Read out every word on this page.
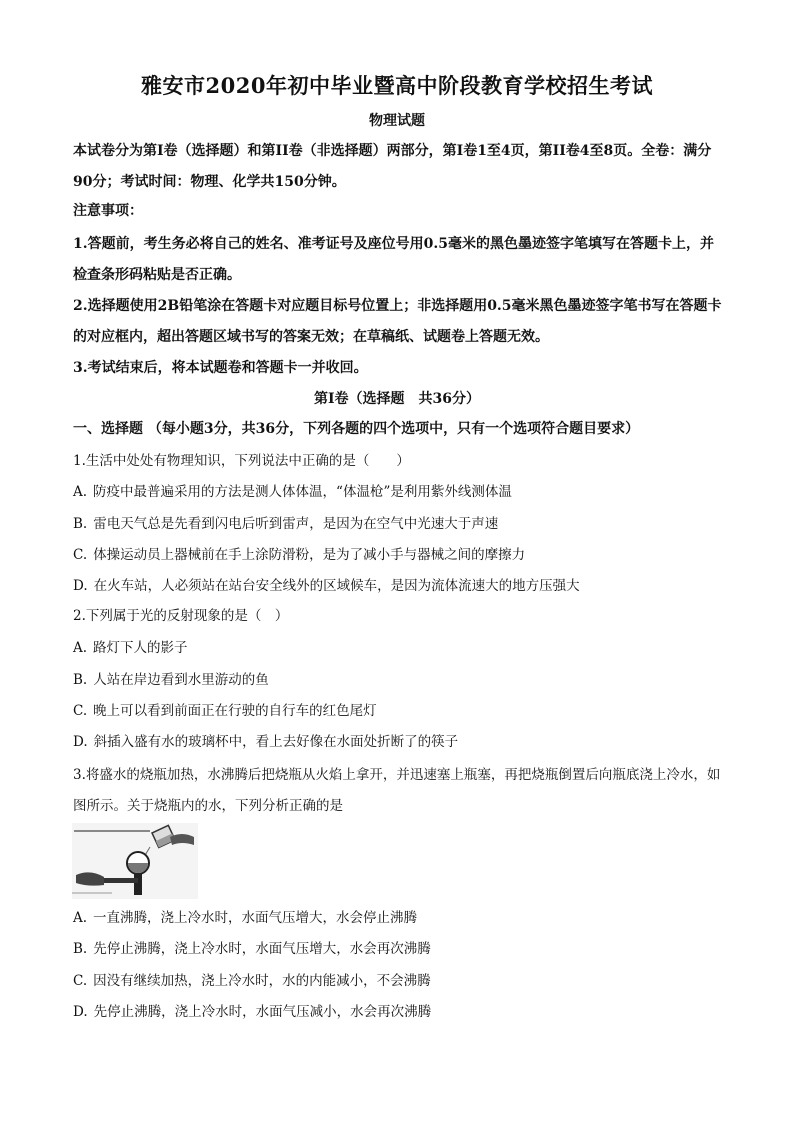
雅安市2020年初中毕业暨高中阶段教育学校招生考试
物理试题
本试卷分为第Ⅰ卷（选择题）和第II卷（非选择题）两部分，第Ⅰ卷1至4页，第II卷4至8页。全卷：满分90分；考试时间：物理、化学共150分钟。
注意事项：
1.答题前，考生务必将自己的姓名、准考证号及座位号用0.5毫米的黑色墨迹签字笔填写在答题卡上，并检查条形码粘贴是否正确。
2.选择题使用2B铅笔涂在答题卡对应题目标号位置上；非选择题用0.5毫米黑色墨迹签字笔书写在答题卡的对应框内，超出答题区域书写的答案无效；在草稿纸、试题卷上答题无效。
3.考试结束后，将本试题卷和答题卡一并收回。
第Ⅰ卷（选择题　共36分）
一、选择题 （每小题3分，共36分，下列各题的四个选项中，只有一个选项符合题目要求）
1.生活中处处有物理知识，下列说法中正确的是（　　）
A. 防疫中最普遍采用的方法是测人体体温，“体温枪”是利用紫外线测体温
B. 雷电天气总是先看到闪电后听到雷声，是因为在空气中光速大于声速
C. 体操运动员上器械前在手上涂防滑粉，是为了减小手与器械之间的摩擦力
D. 在火车站，人必须站在站台安全线外的区域候车，是因为流体流速大的地方压强大
2.下列属于光的反射现象的是（　）
A. 路灯下人的影子
B. 人站在岸边看到水里游动的鱼
C. 晚上可以看到前面正在行驶的自行车的红色尾灯
D. 斜插入盛有水的玻璃杯中，看上去好像在水面处折断了的筷子
3.将盛水的烧瓶加热，水沸腾后把烧瓶从火焰上拿开，并迅速塞上瓶塞，再把烧瓶倒置后向瓶底浇上冷水，如图所示。关于烧瓶内的水，下列分析正确的是
A. 一直沸腾，浇上冷水时，水面气压增大，水会停止沸腾
B. 先停止沸腾，浇上冷水时，水面气压增大，水会再次沸腾
C. 因没有继续加热，浇上冷水时，水的内能减小，不会沸腾
D. 先停止沸腾，浇上冷水时，水面气压减小，水会再次沸腾
